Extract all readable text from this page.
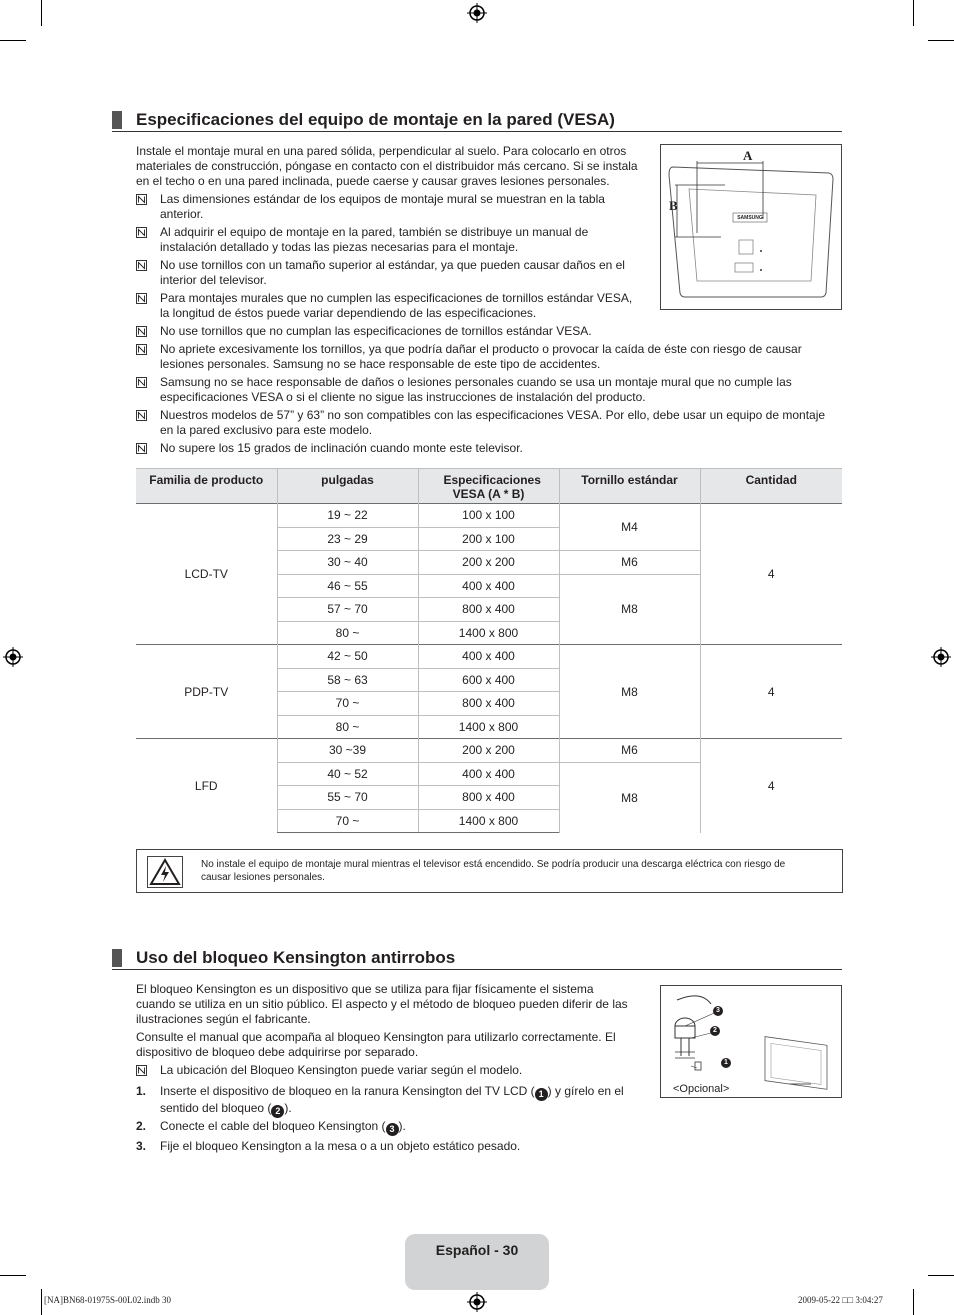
Especificaciones del equipo de montaje en la pared (VESA)
Instale el montaje mural en una pared sólida, perpendicular al suelo. Para colocarlo en otros
materiales de construcción, póngase en contacto con el distribuidor más cercano. Si se instala
en el techo o en una pared inclinada, puede caerse y causar graves lesiones personales.
Las dimensiones estándar de los equipos de montaje mural se muestran en la tabla
anterior.
Al adquirir el equipo de montaje en la pared, también se distribuye un manual de
instalación detallado y todas las piezas necesarias para el montaje.
No use tornillos con un tamaño superior al estándar, ya que pueden causar daños en el
interior del televisor.
Para montajes murales que no cumplen las especificaciones de tornillos estándar VESA,
la longitud de éstos puede variar dependiendo de las especificaciones.
No use tornillos que no cumplan las especificaciones de tornillos estándar VESA.
No apriete excesivamente los tornillos, ya que podría dañar el producto o provocar la caída de éste con riesgo de causar
lesiones personales. Samsung no se hace responsable de este tipo de accidentes.
Samsung no se hace responsable de daños o lesiones personales cuando se usa un montaje mural que no cumple las
especificaciones VESA o si el cliente no sigue las instrucciones de instalación del producto.
Nuestros modelos de 57” y 63” no son compatibles con las especificaciones VESA. Por ello, debe usar un equipo de montaje
en la pared exclusivo para este modelo.
No supere los 15 grados de inclinación cuando monte este televisor.
A
B
SAMSUNG
Familia de producto	pulgadas	Especificaciones VESA (A * B)	Tornillo estándar	Cantidad
LCD-TV	19 ~ 22	100 x 100	M4	4
	23 ~ 29	200 x 100		
	30 ~ 40	200 x 200	M6	
	46 ~ 55	400 x 400	M8	
	57 ~ 70	800 x 400		
	80 ~	1400 x 800		
PDP-TV	42 ~ 50	400 x 400	M8	4
	58 ~ 63	600 x 400		
	70 ~	800 x 400		
	80 ~	1400 x 800		
LFD	30 ~39	200 x 200	M6	4
	40 ~ 52	400 x 400	M8	
	55 ~ 70	800 x 400		
	70 ~	1400 x 800		
No instale el equipo de montaje mural mientras el televisor está encendido. Se podría producir una descarga eléctrica con riesgo de
causar lesiones personales.
Uso del bloqueo Kensington antirrobos
El bloqueo Kensington es un dispositivo que se utiliza para fijar físicamente el sistema
cuando se utiliza en un sitio público. El aspecto y el método de bloqueo pueden diferir de las
ilustraciones según el fabricante.
Consulte el manual que acompaña al bloqueo Kensington para utilizarlo correctamente. El
dispositivo de bloqueo debe adquirirse por separado.
La ubicación del Bloqueo Kensington puede variar según el modelo.
1. Inserte el dispositivo de bloqueo en la ranura Kensington del TV LCD ( 1 ) y gírelo en el
sentido del bloqueo ( 2 ).
2. Conecte el cable del bloqueo Kensington ( 3 ).
3. Fije el bloqueo Kensington a la mesa o a un objeto estático pesado.
3
2
1
<Opcional>
Español - 30
[NA]BN68-01975S-00L02.indb 30	2009-05-22 □□ 3:04:27
